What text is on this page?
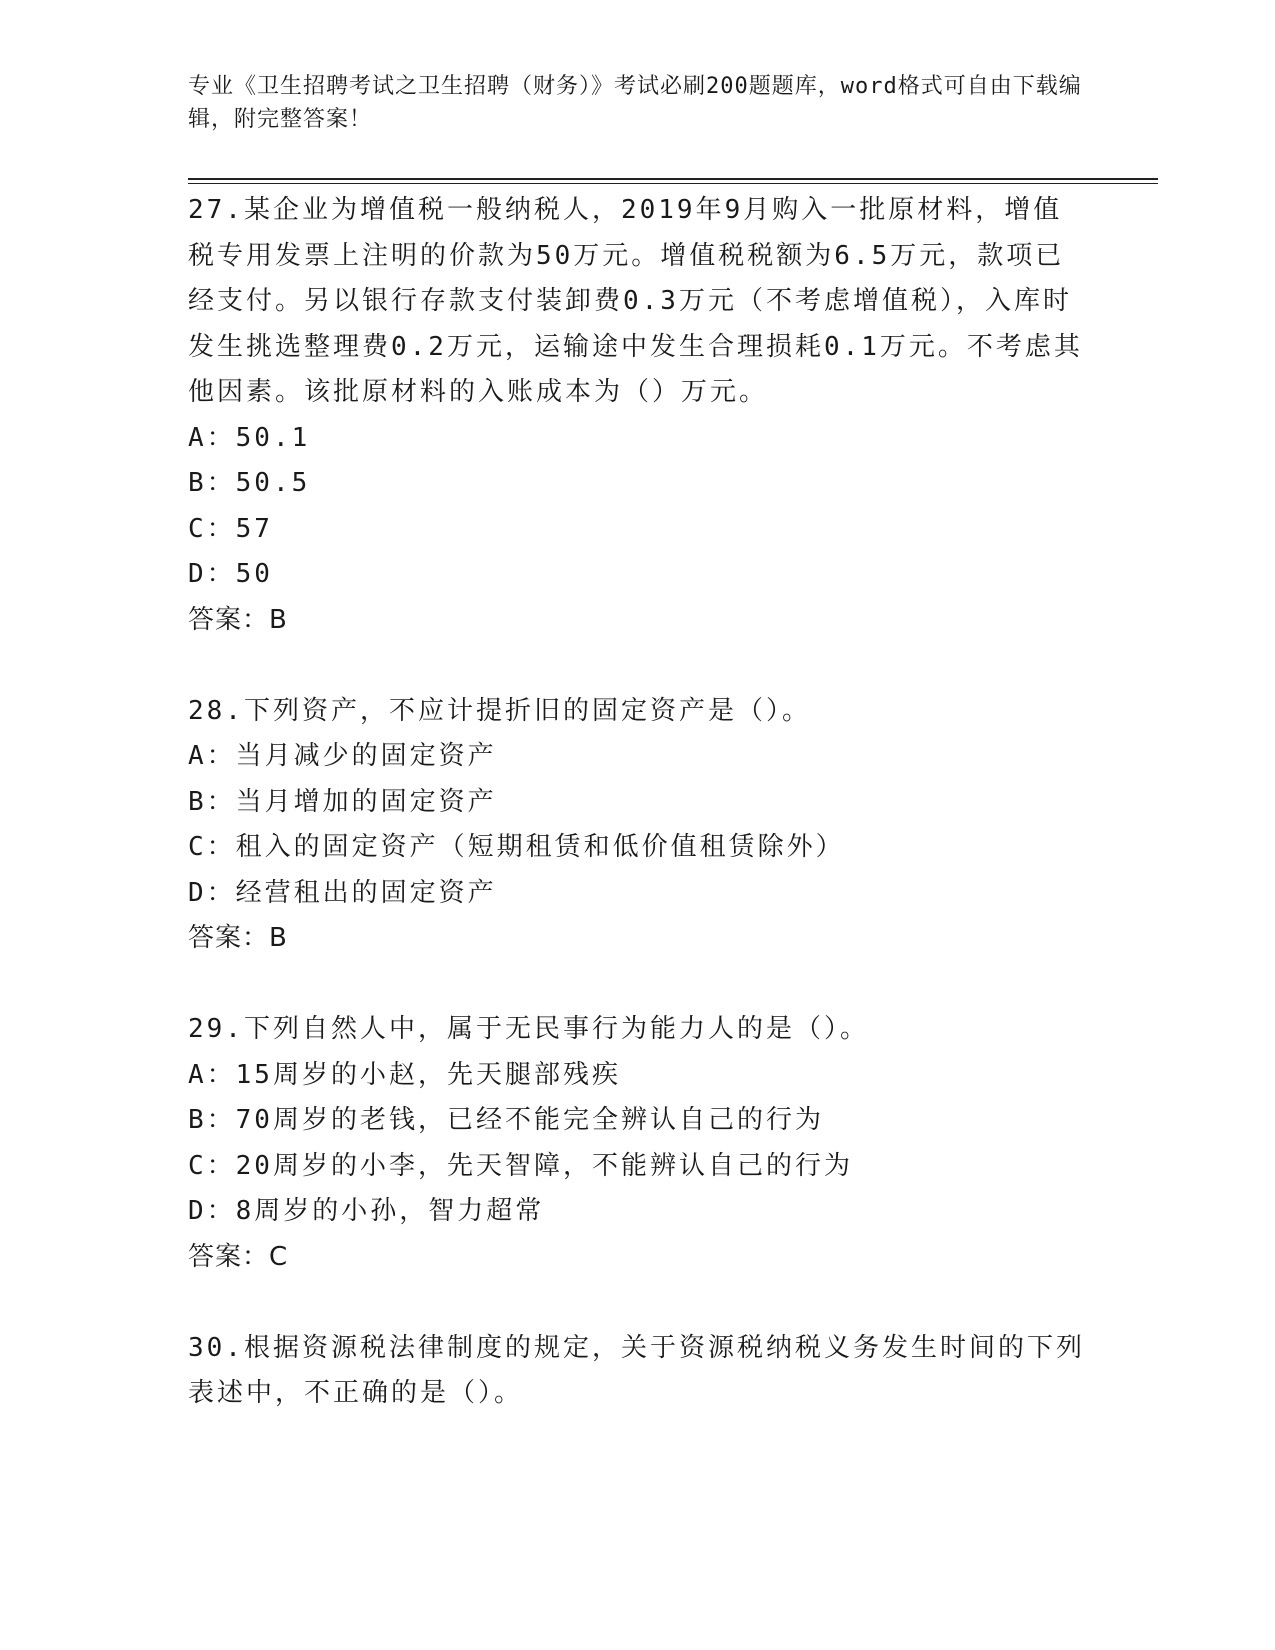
专业《卫生招聘考试之卫生招聘（财务）》考试必刷200题题库，word格式可自由下载编辑，附完整答案！

27.某企业为增值税一般纳税人，2019年9月购入一批原材料，增值税专用发票上注明的价款为50万元。增值税税额为6.5万元，款项已经支付。另以银行存款支付装卸费0.3万元（不考虑增值税），入库时发生挑选整理费0.2万元，运输途中发生合理损耗0.1万元。不考虑其他因素。该批原材料的入账成本为（）万元。

A：50.1

B：50.5

C：57

D：50

答案：B

28.下列资产，不应计提折旧的固定资产是（）。

A：当月减少的固定资产

B：当月增加的固定资产

C：租入的固定资产（短期租赁和低价值租赁除外）

D：经营租出的固定资产

答案：B

29.下列自然人中，属于无民事行为能力人的是（）。

A：15周岁的小赵，先天腿部残疾

B：70周岁的老钱，已经不能完全辨认自己的行为

C：20周岁的小李，先天智障，不能辨认自己的行为

D：8周岁的小孙，智力超常

答案：C

30.根据资源税法律制度的规定，关于资源税纳税义务发生时间的下列表述中，不正确的是（）。
